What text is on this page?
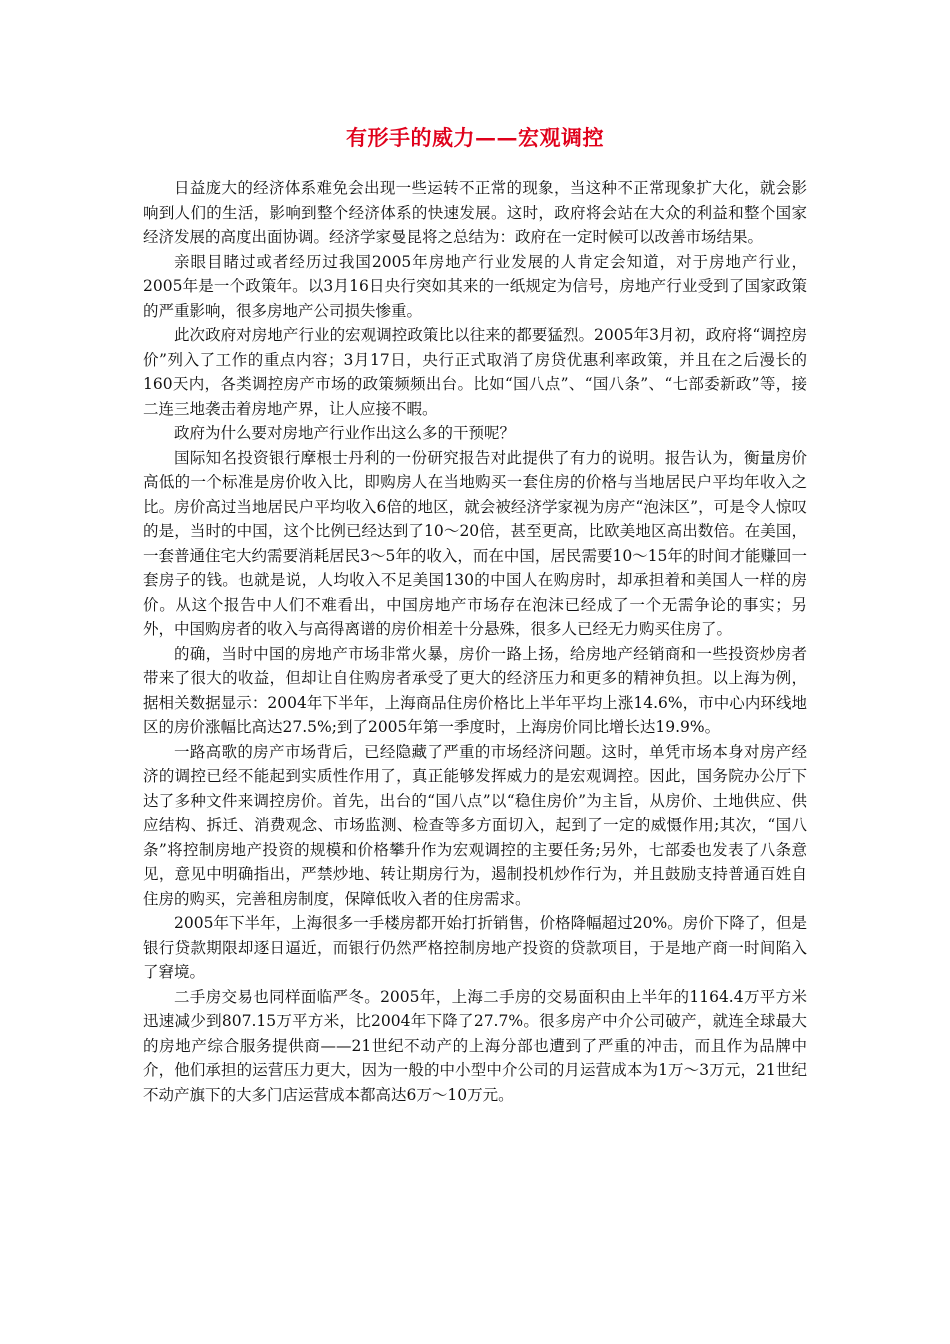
有形手的威力——宏观调控

日益庞大的经济体系难免会出现一些运转不正常的现象，当这种不正常现象扩大化，就会影响到人们的生活，影响到整个经济体系的快速发展。这时，政府将会站在大众的利益和整个国家经济发展的高度出面协调。经济学家曼昆将之总结为：政府在一定时候可以改善市场结果。

亲眼目睹过或者经历过我国2005年房地产行业发展的人肯定会知道，对于房地产行业，2005年是一个政策年。以3月16日央行突如其来的一纸规定为信号，房地产行业受到了国家政策的严重影响，很多房地产公司损失惨重。

此次政府对房地产行业的宏观调控政策比以往来的都要猛烈。2005年3月初，政府将“调控房价”列入了工作的重点内容；3月17日，央行正式取消了房贷优惠利率政策，并且在之后漫长的160天内，各类调控房产市场的政策频频出台。比如“国八点”、“国八条”、“七部委新政”等，接二连三地袭击着房地产界，让人应接不暇。

政府为什么要对房地产行业作出这么多的干预呢？

国际知名投资银行摩根士丹利的一份研究报告对此提供了有力的说明。报告认为，衡量房价高低的一个标准是房价收入比，即购房人在当地购买一套住房的价格与当地居民户平均年收入之比。房价高过当地居民户平均收入6倍的地区，就会被经济学家视为房产“泡沫区”，可是令人惊叹的是，当时的中国，这个比例已经达到了10～20倍，甚至更高，比欧美地区高出数倍。在美国，一套普通住宅大约需要消耗居民3～5年的收入，而在中国，居民需要10～15年的时间才能赚回一套房子的钱。也就是说，人均收入不足美国130的中国人在购房时，却承担着和美国人一样的房价。从这个报告中人们不难看出，中国房地产市场存在泡沫已经成了一个无需争论的事实；另外，中国购房者的收入与高得离谱的房价相差十分悬殊，很多人已经无力购买住房了。

的确，当时中国的房地产市场非常火暴，房价一路上扬，给房地产经销商和一些投资炒房者带来了很大的收益，但却让自住购房者承受了更大的经济压力和更多的精神负担。以上海为例，据相关数据显示：2004年下半年，上海商品住房价格比上半年平均上涨14.6%，市中心内环线地区的房价涨幅比高达27.5%;到了2005年第一季度时，上海房价同比增长达19.9%。

一路高歌的房产市场背后，已经隐藏了严重的市场经济问题。这时，单凭市场本身对房产经济的调控已经不能起到实质性作用了，真正能够发挥威力的是宏观调控。因此，国务院办公厅下达了多种文件来调控房价。首先，出台的“国八点”以“稳住房价”为主旨，从房价、土地供应、供应结构、拆迁、消费观念、市场监测、检查等多方面切入，起到了一定的威慑作用;其次，“国八条”将控制房地产投资的规模和价格攀升作为宏观调控的主要任务;另外，七部委也发表了八条意见，意见中明确指出，严禁炒地、转让期房行为，遏制投机炒作行为，并且鼓励支持普通百姓自住房的购买，完善租房制度，保障低收入者的住房需求。

2005年下半年，上海很多一手楼房都开始打折销售，价格降幅超过20%。房价下降了，但是银行贷款期限却逐日逼近，而银行仍然严格控制房地产投资的贷款项目，于是地产商一时间陷入了窘境。

二手房交易也同样面临严冬。2005年，上海二手房的交易面积由上半年的1164.4万平方米迅速减少到807.15万平方米，比2004年下降了27.7%。很多房产中介公司破产，就连全球最大的房地产综合服务提供商——21世纪不动产的上海分部也遭到了严重的冲击，而且作为品牌中介，他们承担的运营压力更大，因为一般的中小型中介公司的月运营成本为1万～3万元，21世纪不动产旗下的大多门店运营成本都高达6万～10万元。
